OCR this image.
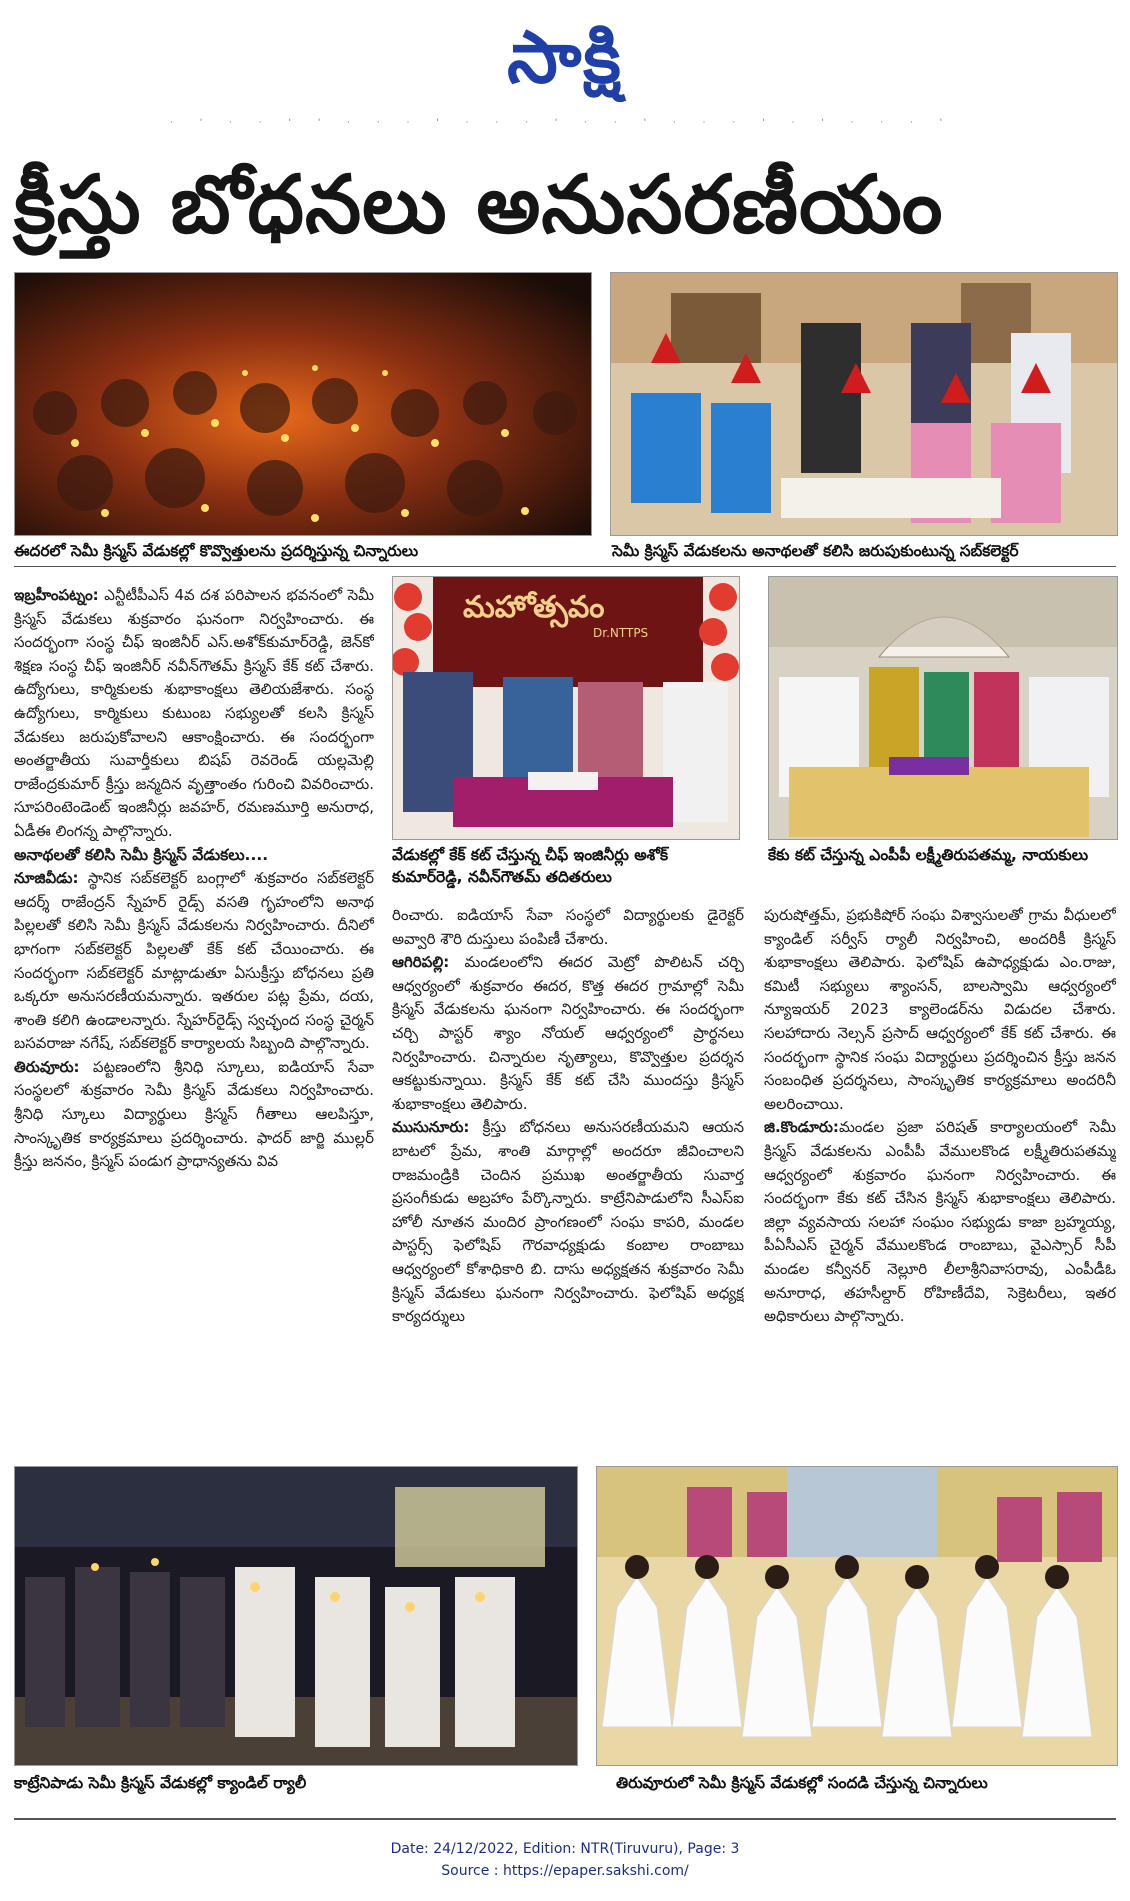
సాక్షి
· ' · · ' ' · · · ' · · · ' · · ' · · · ' · ' · · · '
క్రీస్తు బోధనలు అనుసరణీయం
ఈదరలో సెమీ క్రిస్మస్ వేడుకల్లో కొవ్వొత్తులను ప్రదర్శిస్తున్న చిన్నారులు	సెమీ క్రిస్మస్ వేడుకలను అనాథలతో కలిసి జరుపుకుంటున్న సబ్‌కలెక్టర్
మహోత్సవం
Dr.NTTPS
వేడుకల్లో కేక్ కట్ చేస్తున్న చీఫ్ ఇంజినీర్లు అశోక్ కుమార్‌రెడ్డి, నవీన్‌గౌతమ్ తదితరులు
కేకు కట్ చేస్తున్న ఎంపీపీ లక్ష్మీతిరుపతమ్మ, నాయకులు

ఇబ్రహీంపట్నం: ఎన్టీటీపీఎస్ 4వ దశ పరిపాలన భవనంలో సెమీ క్రిస్మస్ వేడుకలు శుక్రవారం ఘనంగా నిర్వహించారు. ఈ సందర్భంగా సంస్థ చీఫ్ ఇంజినీర్ ఎస్.అశోక్‌కుమార్‌రెడ్డి, జెన్‌కో శిక్షణ సంస్థ చీఫ్ ఇంజినీర్ నవీన్‌గౌతమ్ క్రిస్మస్ కేక్ కట్ చేశారు. ఉద్యోగులు, కార్మికులకు శుభాకాంక్షలు తెలియజేశారు. సంస్థ ఉద్యోగులు, కార్మికులు కుటుంబ సభ్యులతో కలసి క్రిస్మస్ వేడుకలు జరుపుకోవాలని ఆకాంక్షించారు. ఈ సందర్భంగా అంతర్జాతీయ సువార్తీకులు బిషప్ రెవరెండ్ యల్లమెల్లి రాజేంద్రకుమార్ క్రీస్తు జన్మదిన వృత్తాంతం గురించి వివరించారు. సూపరింటెండెంట్ ఇంజినీర్లు జవహర్, రమణమూర్తి అనురాధ, ఏడీఈ లింగన్న పాల్గొన్నారు.

అనాథలతో కలిసి సెమీ క్రిస్మస్ వేడుకలు....

నూజివీడు: స్థానిక సబ్‌కలెక్టర్ బంగ్లాలో శుక్రవారం సబ్‌కలెక్టర్ ఆదర్శ్ రాజేంద్రన్ స్నేహ‌ర్ రైడ్స్ వసతి గృహంలోని అనాథ పిల్లలతో కలిసి సెమీ క్రిస్మస్ వేడుకలను నిర్వహించారు. దీనిలో భాగంగా సబ్‌కలెక్టర్ పిల్లలతో కేక్ కట్ చేయించారు. ఈ సందర్భంగా సబ్‌కలెక్టర్ మాట్లాడుతూ ఏసుక్రీస్తు బోధనలు ప్రతి ఒక్కరూ అనుసరణీయమన్నారు. ఇతరుల పట్ల ప్రేమ, దయ, శాంతి కలిగి ఉండాలన్నారు. స్నేహ‌ర్‌రైడ్స్ స్వచ్ఛంద సంస్థ చైర్మన్ బసవరాజు నగేష్, సబ్‌కలెక్టర్ కార్యాలయ సిబ్బంది పాల్గొన్నారు.

తిరువూరు: పట్టణంలోని శ్రీనిధి స్కూలు, ఐడియాస్ సేవా సంస్థలలో శుక్రవారం సెమీ క్రిస్మస్ వేడుకలు నిర్వహించారు. శ్రీనిధి స్కూలు విద్యార్థులు క్రిస్మస్ గీతాలు ఆలపిస్తూ, సాంస్కృతిక కార్యక్రమాలు ప్రదర్శించారు. ఫాదర్ జార్జి ముల్లర్ క్రీస్తు జననం, క్రిస్మస్ పండుగ ప్రాధాన్యతను వివ

రించారు. ఐడియాస్ సేవా సంస్థలో విద్యార్థులకు డైరెక్టర్ అవ్వారి శౌరి దుస్తులు పంపిణీ చేశారు.

ఆగిరిపల్లి: మండలంలోని ఈదర మెట్రో పొలిటన్ చర్చి ఆధ్వర్యంలో శుక్రవారం ఈదర, కొత్త ఈదర గ్రామాల్లో సెమీ క్రిస్మస్ వేడుకలను ఘనంగా నిర్వహించారు. ఈ సందర్భంగా చర్చి పాస్టర్ శ్యాం నోయల్ ఆధ్వర్యంలో ప్రార్థనలు నిర్వహించారు. చిన్నారుల నృత్యాలు, కొవ్వొత్తుల ప్రదర్శన ఆకట్టుకున్నాయి. క్రిస్మస్ కేక్ కట్ చేసి ముందస్తు క్రిస్మస్ శుభాకాంక్షలు తెలిపారు.

ముసునూరు: క్రీస్తు బోధనలు అనుసరణీయమని ఆయన బాటలో ప్రేమ, శాంతి మార్గాల్లో అందరూ జీవించాలని రాజమండ్రికి చెందిన ప్రముఖ అంతర్జాతీయ సువార్త ప్రసంగీకుడు అబ్రహాం పేర్కొన్నారు. కాట్రేనిపాడులోని సీఎస్ఐ హోలీ నూతన మందిర ప్రాంగణంలో సంఘ కాపరి, మండల పాస్టర్స్ ఫెలోషిప్ గౌరవాధ్యక్షుడు కంబాల రాంబాబు ఆధ్వర్యంలో కోశాధికారి బి. దాసు అధ్యక్షతన శుక్రవారం సెమీ క్రిస్మస్ వేడుకలు ఘనంగా నిర్వహించారు. ఫెలోషిప్ అధ్యక్ష కార్యదర్శులు

పురుషోత్తమ్, ప్రభుకిషోర్ సంఘ విశ్వాసులతో గ్రామ వీధులలో క్యాండిల్ సర్వీస్ ర్యాలీ నిర్వహించి, అందరికీ క్రిస్మస్ శుభాకాంక్షలు తెలిపారు. ఫెలోషిప్ ఉపాధ్యక్షుడు ఎం.రాజు, కమిటీ సభ్యులు శ్యాంసన్, బాలస్వామి ఆధ్వర్యంలో న్యూఇయర్ 2023 క్యాలెండర్‌ను విడుదల చేశారు. సలహాదారు నెల్సన్ ప్రసాద్ ఆధ్వర్యంలో కేక్ కట్ చేశారు. ఈ సందర్భంగా స్థానిక సంఘ విద్యార్థులు ప్రదర్శించిన క్రీస్తు జనన సంబంధిత ప్రదర్శనలు, సాంస్కృతిక కార్యక్రమాలు అందరినీ అలరించాయి.

జి.కొండూరు:మండల ప్రజా పరిషత్ కార్యాలయంలో సెమీ క్రిస్మస్ వేడుకలను ఎంపీపీ వేములకొండ లక్ష్మీతిరుపతమ్మ ఆధ్వర్యంలో శుక్రవారం ఘనంగా నిర్వహించారు. ఈ సందర్భంగా కేకు కట్ చేసిన క్రిస్మస్ శుభాకాంక్షలు తెలిపారు. జిల్లా వ్యవసాయ సలహా సంఘం సభ్యుడు కాజా బ్రహ్మయ్య, పీఏసీఎస్ చైర్మన్ వేములకొండ రాంబాబు, వైఎస్సార్ సీపీ మండల కన్వీనర్ నెల్లూరి లీలాశ్రీనివాసరావు, ఎంపీడీఓ అనూరాధ, తహసీల్దార్ రోహిణీదేవి, సెక్రెటరీలు, ఇతర అధికారులు పాల్గొన్నారు.

కాట్రేనిపాడు సెమీ క్రిస్మస్ వేడుకల్లో క్యాండిల్ ర్యాలీ	తిరువూరులో సెమీ క్రిస్మస్ వేడుకల్లో సందడి చేస్తున్న చిన్నారులు
Date: 24/12/2022, Edition: NTR(Tiruvuru), Page: 3
Source : https://epaper.sakshi.com/
